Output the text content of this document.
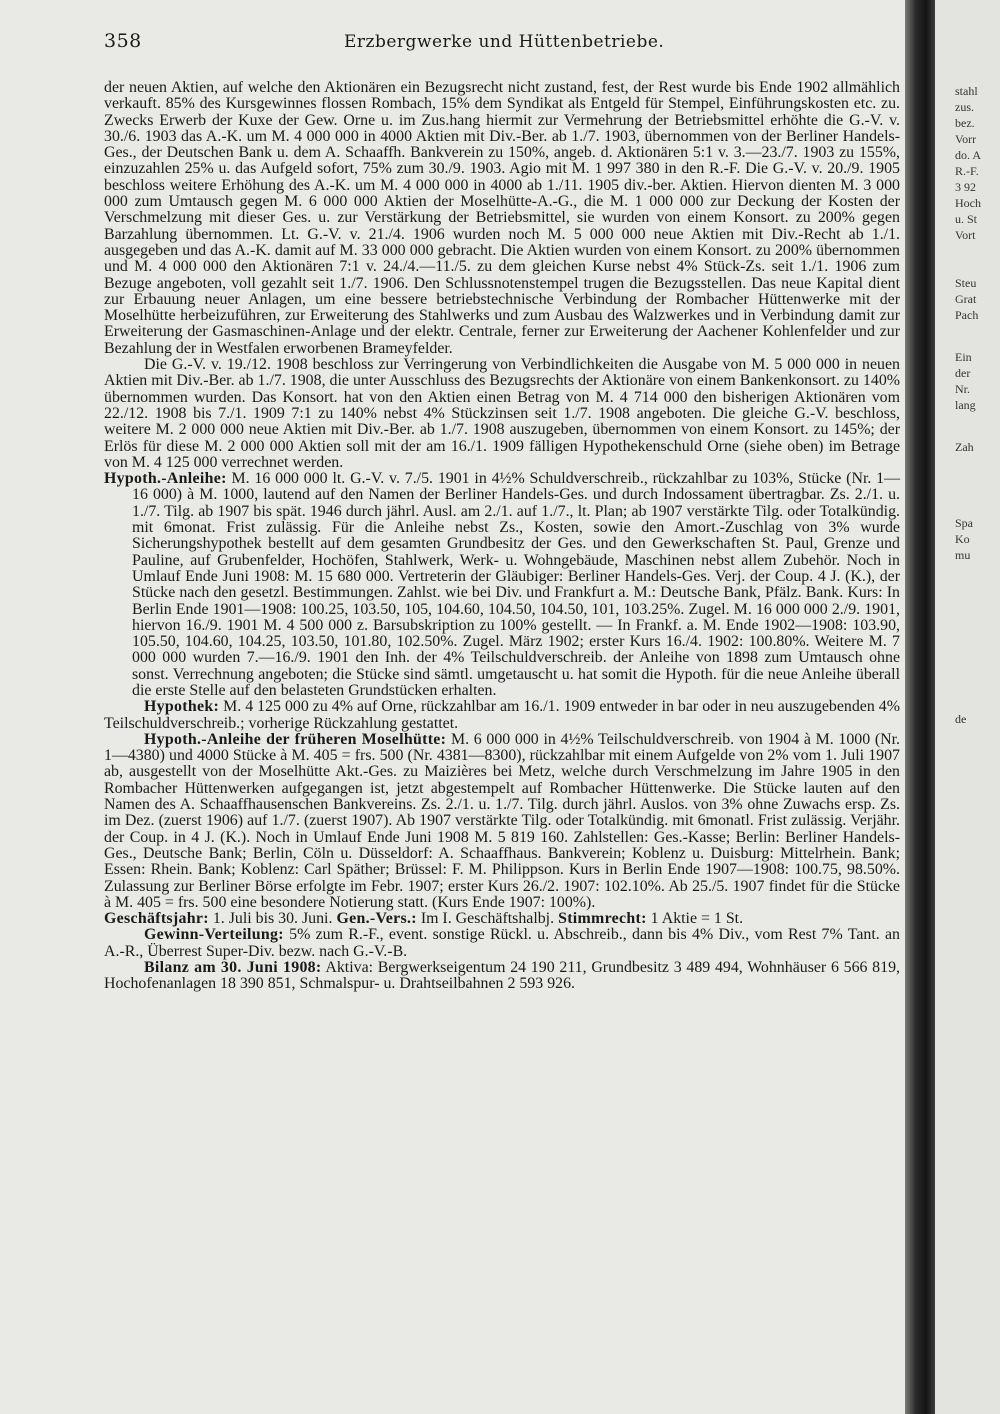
358	Erzbergwerke und Hüttenbetriebe.

der neuen Aktien, auf welche den Aktionären ein Bezugsrecht nicht zustand, fest, der Rest wurde bis Ende 1902 allmählich verkauft. 85% des Kursgewinnes flossen Rombach, 15% dem Syndikat als Entgeld für Stempel, Einführungskosten etc. zu. Zwecks Erwerb der Kuxe der Gew. Orne u. im Zus.hang hiermit zur Vermehrung der Betriebsmittel erhöhte die G.-V. v. 30./6. 1903 das A.-K. um M. 4 000 000 in 4000 Aktien mit Div.-Ber. ab 1./7. 1903, übernommen von der Berliner Handels-Ges., der Deutschen Bank u. dem A. Schaaffh. Bankverein zu 150%, angeb. d. Aktionären 5:1 v. 3.—23./7. 1903 zu 155%, einzuzahlen 25% u. das Aufgeld sofort, 75% zum 30./9. 1903. Agio mit M. 1 997 380 in den R.-F. Die G.-V. v. 20./9. 1905 beschloss weitere Erhöhung des A.-K. um M. 4 000 000 in 4000 ab 1./11. 1905 div.-ber. Aktien. Hiervon dienten M. 3 000 000 zum Umtausch gegen M. 6 000 000 Aktien der Moselhütte-A.-G., die M. 1 000 000 zur Deckung der Kosten der Verschmelzung mit dieser Ges. u. zur Verstärkung der Betriebsmittel, sie wurden von einem Konsort. zu 200% gegen Barzahlung übernommen. Lt. G.-V. v. 21./4. 1906 wurden noch M. 5 000 000 neue Aktien mit Div.-Recht ab 1./1. ausgegeben und das A.-K. damit auf M. 33 000 000 gebracht. Die Aktien wurden von einem Konsort. zu 200% übernommen und M. 4 000 000 den Aktionären 7:1 v. 24./4.—11./5. zu dem gleichen Kurse nebst 4% Stück-Zs. seit 1./1. 1906 zum Bezuge angeboten, voll gezahlt seit 1./7. 1906. Den Schlussnotenstempel trugen die Bezugsstellen. Das neue Kapital dient zur Erbauung neuer Anlagen, um eine bessere betriebstechnische Verbindung der Rombacher Hüttenwerke mit der Moselhütte herbeizuführen, zur Erweiterung des Stahlwerks und zum Ausbau des Walzwerkes und in Verbindung damit zur Erweiterung der Gasmaschinen-Anlage und der elektr. Centrale, ferner zur Erweiterung der Aachener Kohlenfelder und zur Bezahlung der in Westfalen erworbenen Brameyfelder.

Die G.-V. v. 19./12. 1908 beschloss zur Verringerung von Verbindlichkeiten die Ausgabe von M. 5 000 000 in neuen Aktien mit Div.-Ber. ab 1./7. 1908, die unter Ausschluss des Bezugsrechts der Aktionäre von einem Bankenkonsort. zu 140% übernommen wurden. Das Konsort. hat von den Aktien einen Betrag von M. 4 714 000 den bisherigen Aktionären vom 22./12. 1908 bis 7./1. 1909 7:1 zu 140% nebst 4% Stückzinsen seit 1./7. 1908 angeboten. Die gleiche G.-V. beschloss, weitere M. 2 000 000 neue Aktien mit Div.-Ber. ab 1./7. 1908 auszugeben, übernommen von einem Konsort. zu 145%; der Erlös für diese M. 2 000 000 Aktien soll mit der am 16./1. 1909 fälligen Hypothekenschuld Orne (siehe oben) im Betrage von M. 4 125 000 verrechnet werden.

Hypoth.-Anleihe: M. 16 000 000 lt. G.-V. v. 7./5. 1901 in 4½% Schuldverschreib., rückzahlbar zu 103%, Stücke (Nr. 1—16 000) à M. 1000, lautend auf den Namen der Berliner Handels-Ges. und durch Indossament übertragbar. Zs. 2./1. u. 1./7. Tilg. ab 1907 bis spät. 1946 durch jährl. Ausl. am 2./1. auf 1./7., lt. Plan; ab 1907 verstärkte Tilg. oder Totalkündig. mit 6monat. Frist zulässig. Für die Anleihe nebst Zs., Kosten, sowie den Amort.-Zuschlag von 3% wurde Sicherungshypothek bestellt auf dem gesamten Grundbesitz der Ges. und den Gewerkschaften St. Paul, Grenze und Pauline, auf Grubenfelder, Hochöfen, Stahlwerk, Werk- u. Wohngebäude, Maschinen nebst allem Zubehör. Noch in Umlauf Ende Juni 1908: M. 15 680 000. Vertreterin der Gläubiger: Berliner Handels-Ges. Verj. der Coup. 4 J. (K.), der Stücke nach den gesetzl. Bestimmungen. Zahlst. wie bei Div. und Frankfurt a. M.: Deutsche Bank, Pfälz. Bank. Kurs: In Berlin Ende 1901—1908: 100.25, 103.50, 105, 104.60, 104.50, 104.50, 101, 103.25%. Zugel. M. 16 000 000 2./9. 1901, hiervon 16./9. 1901 M. 4 500 000 z. Barsubskription zu 100% gestellt. — In Frankf. a. M. Ende 1902—1908: 103.90, 105.50, 104.60, 104.25, 103.50, 101.80, 102.50%. Zugel. März 1902; erster Kurs 16./4. 1902: 100.80%. Weitere M. 7 000 000 wurden 7.—16./9. 1901 den Inh. der 4% Teilschuldverschreib. der Anleihe von 1898 zum Umtausch ohne sonst. Verrechnung angeboten; die Stücke sind sämtl. umgetauscht u. hat somit die Hypoth. für die neue Anleihe überall die erste Stelle auf den belasteten Grundstücken erhalten.

Hypothek: M. 4 125 000 zu 4% auf Orne, rückzahlbar am 16./1. 1909 entweder in bar oder in neu auszugebenden 4% Teilschuldverschreib.; vorherige Rückzahlung gestattet.

Hypoth.-Anleihe der früheren Moselhütte: M. 6 000 000 in 4½% Teilschuldverschreib. von 1904 à M. 1000 (Nr. 1—4380) und 4000 Stücke à M. 405 = frs. 500 (Nr. 4381—8300), rückzahlbar mit einem Aufgelde von 2% vom 1. Juli 1907 ab, ausgestellt von der Moselhütte Akt.-Ges. zu Maizières bei Metz, welche durch Verschmelzung im Jahre 1905 in den Rombacher Hüttenwerken aufgegangen ist, jetzt abgestempelt auf Rombacher Hüttenwerke. Die Stücke lauten auf den Namen des A. Schaaffhausenschen Bankvereins. Zs. 2./1. u. 1./7. Tilg. durch jährl. Auslos. von 3% ohne Zuwachs ersp. Zs. im Dez. (zuerst 1906) auf 1./7. (zuerst 1907). Ab 1907 verstärkte Tilg. oder Totalkündig. mit 6monatl. Frist zulässig. Verjähr. der Coup. in 4 J. (K.). Noch in Umlauf Ende Juni 1908 M. 5 819 160. Zahlstellen: Ges.-Kasse; Berlin: Berliner Handels-Ges., Deutsche Bank; Berlin, Cöln u. Düsseldorf: A. Schaaffhaus. Bankverein; Koblenz u. Duisburg: Mittelrhein. Bank; Essen: Rhein. Bank; Koblenz: Carl Späther; Brüssel: F. M. Philippson. Kurs in Berlin Ende 1907—1908: 100.75, 98.50%. Zulassung zur Berliner Börse erfolgte im Febr. 1907; erster Kurs 26./2. 1907: 102.10%. Ab 25./5. 1907 findet für die Stücke à M. 405 = frs. 500 eine besondere Notierung statt. (Kurs Ende 1907: 100%).

Geschäftsjahr: 1. Juli bis 30. Juni. Gen.-Vers.: Im I. Geschäftshalbj. Stimmrecht: 1 Aktie = 1 St.

Gewinn-Verteilung: 5% zum R.-F., event. sonstige Rückl. u. Abschreib., dann bis 4% Div., vom Rest 7% Tant. an A.-R., Überrest Super-Div. bezw. nach G.-V.-B.

Bilanz am 30. Juni 1908: Aktiva: Bergwerkseigentum 24 190 211, Grundbesitz 3 489 494, Wohnhäuser 6 566 819, Hochofenanlagen 18 390 851, Schmalspur- u. Drahtseilbahnen 2 593 926.

stahl
zus.
bez.
Vorr
do. A
R.-F.
3 92
Hoch
u. St
Vort
Steu
Grat
Pach
Ein
der
Nr.
lang
Zah
Spa
Ko
mu
de
